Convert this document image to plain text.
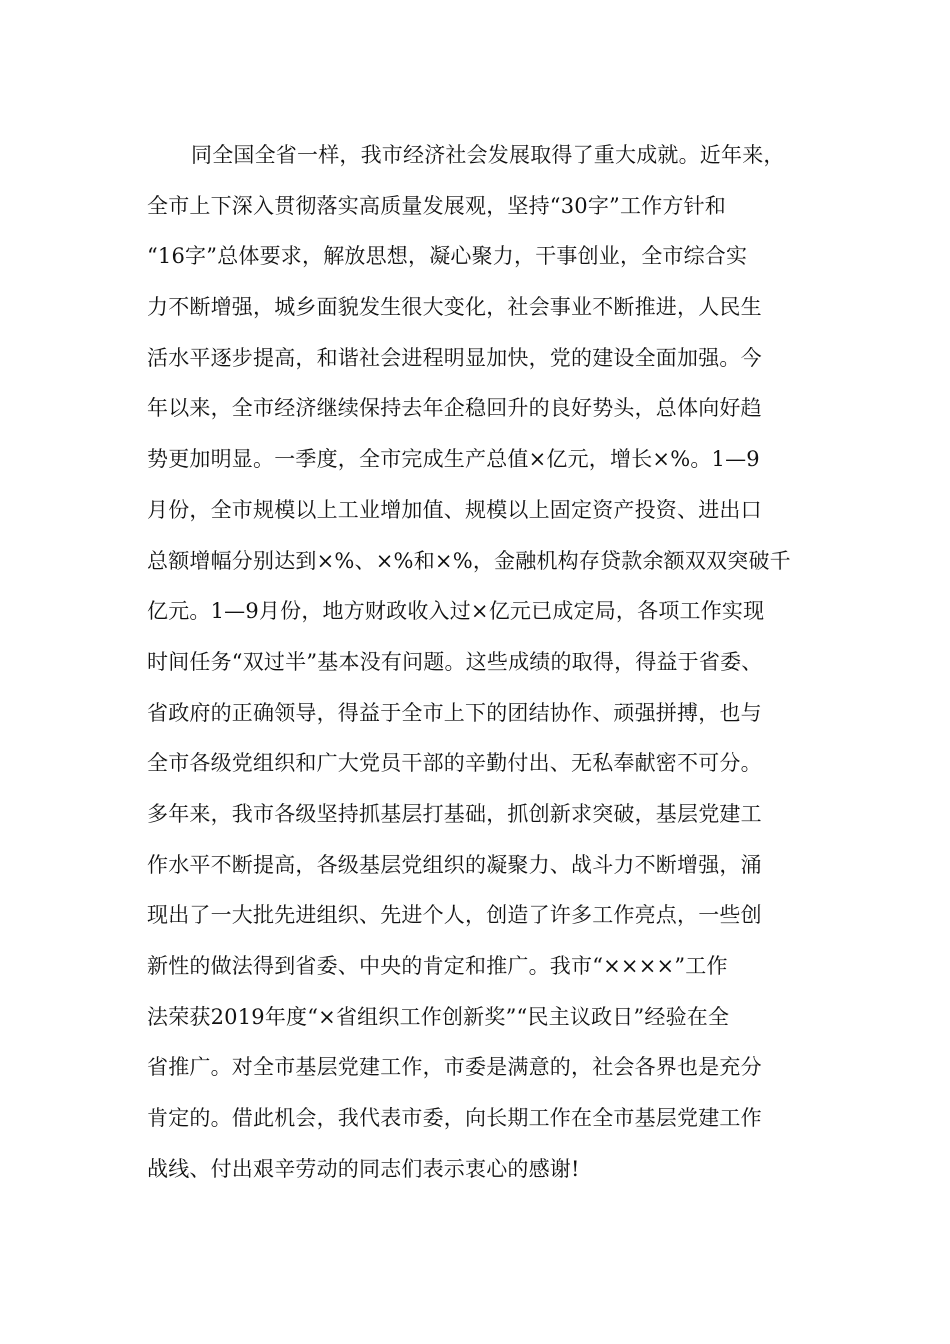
同全国全省一样，我市经济社会发展取得了重大成就。近年来，
全市上下深入贯彻落实高质量发展观，坚持“30字”工作方针和
“16字”总体要求，解放思想，凝心聚力，干事创业，全市综合实
力不断增强，城乡面貌发生很大变化，社会事业不断推进，人民生
活水平逐步提高，和谐社会进程明显加快，党的建设全面加强。今
年以来，全市经济继续保持去年企稳回升的良好势头，总体向好趋
势更加明显。一季度，全市完成生产总值×亿元，增长×%。1—9
月份，全市规模以上工业增加值、规模以上固定资产投资、进出口
总额增幅分别达到×%、×%和×%，金融机构存贷款余额双双突破千
亿元。1—9月份，地方财政收入过×亿元已成定局，各项工作实现
时间任务“双过半”基本没有问题。这些成绩的取得，得益于省委、
省政府的正确领导，得益于全市上下的团结协作、顽强拼搏，也与
全市各级党组织和广大党员干部的辛勤付出、无私奉献密不可分。
多年来，我市各级坚持抓基层打基础，抓创新求突破，基层党建工
作水平不断提高，各级基层党组织的凝聚力、战斗力不断增强，涌
现出了一大批先进组织、先进个人，创造了许多工作亮点，一些创
新性的做法得到省委、中央的肯定和推广。我市“××××”工作
法荣获2019年度“×省组织工作创新奖”“民主议政日”经验在全
省推广。对全市基层党建工作，市委是满意的，社会各界也是充分
肯定的。借此机会，我代表市委，向长期工作在全市基层党建工作
战线、付出艰辛劳动的同志们表示衷心的感谢!
